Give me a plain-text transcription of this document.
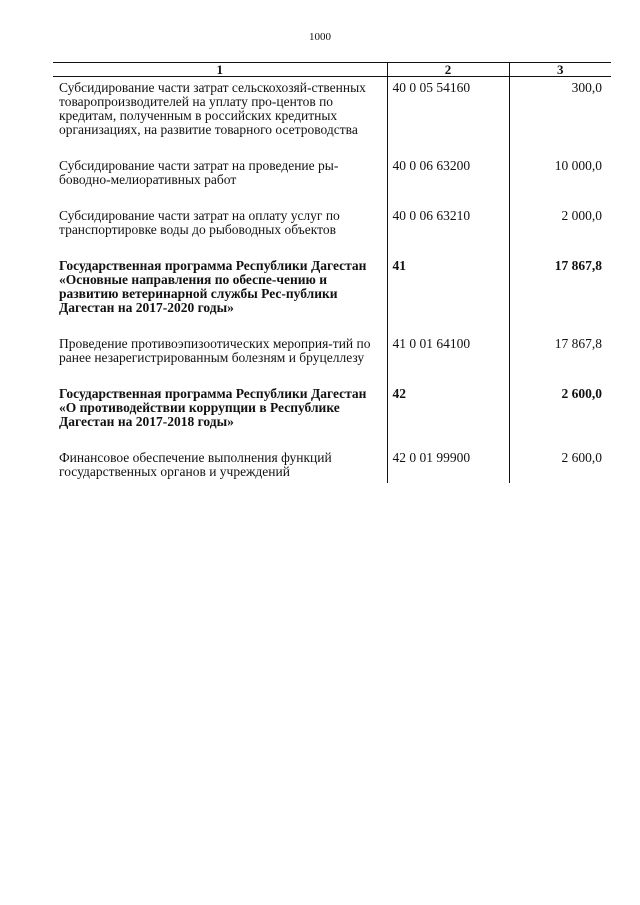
1000
1	2	3
Субсидирование части затрат сельскохозяй-ственных товаропроизводителей на уплату про-центов по кредитам, полученным в российских кредитных организациях, на развитие товарного осетроводства	40 0 05 54160	300,0
Субсидирование части затрат на проведение ры-боводно-мелиоративных работ	40 0 06 63200	10 000,0
Субсидирование части затрат на оплату услуг по транспортировке воды до рыбоводных объектов	40 0 06 63210	2 000,0
Государственная программа Республики Дагестан «Основные направления по обеспе-чению и развитию ветеринарной службы Рес-публики Дагестан на 2017-2020 годы»	41	17 867,8
Проведение противоэпизоотических мероприя-тий по ранее незарегистрированным болезням и бруцеллезу	41 0 01 64100	17 867,8
Государственная программа Республики Дагестан «О противодействии коррупции в Республике Дагестан на 2017-2018 годы»	42	2 600,0
Финансовое обеспечение выполнения функций государственных органов и учреждений	42 0 01 99900	2 600,0
